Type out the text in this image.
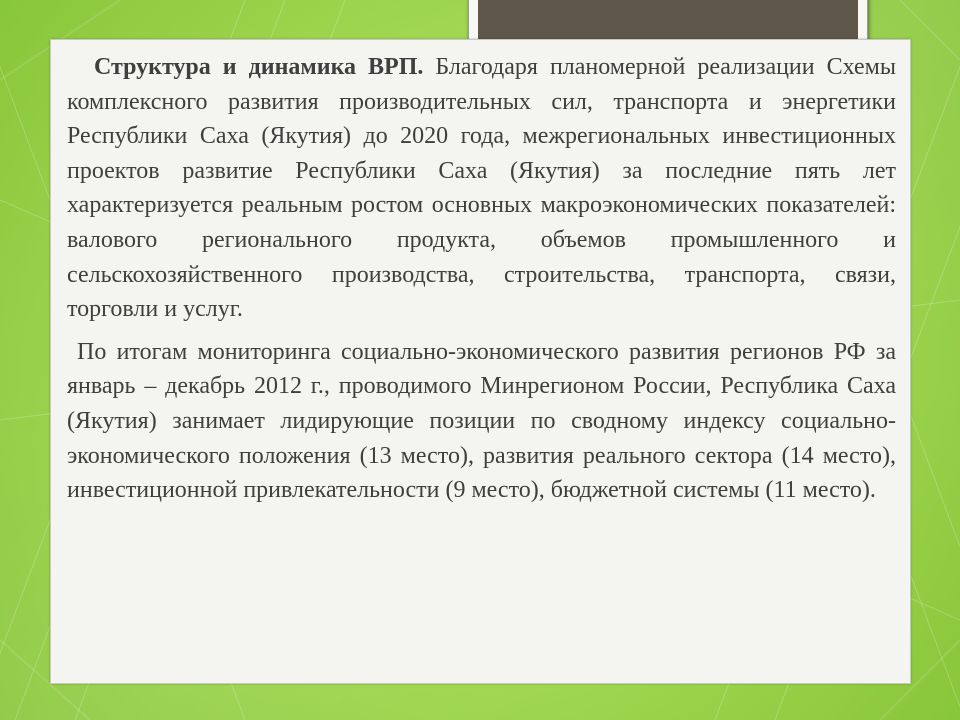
Структура и динамика ВРП. Благодаря планомерной реализации Схемы комплексного развития производительных сил, транспорта и энергетики Республики Саха (Якутия) до 2020 года, межрегиональных инвестиционных проектов развитие Республики Саха (Якутия) за последние пять лет характеризуется реальным ростом основных макроэкономических показателей: валового регионального продукта, объемов промышленного и сельскохозяйственного производства, строительства, транспорта, связи, торговли и услуг.

По итогам мониторинга социально-экономического развития регионов РФ за январь – декабрь 2012 г., проводимого Минрегионом России, Республика Саха (Якутия) занимает лидирующие позиции по сводному индексу социально-экономического положения (13 место), развития реального сектора (14 место), инвестиционной привлекательности (9 место), бюджетной системы (11 место).
